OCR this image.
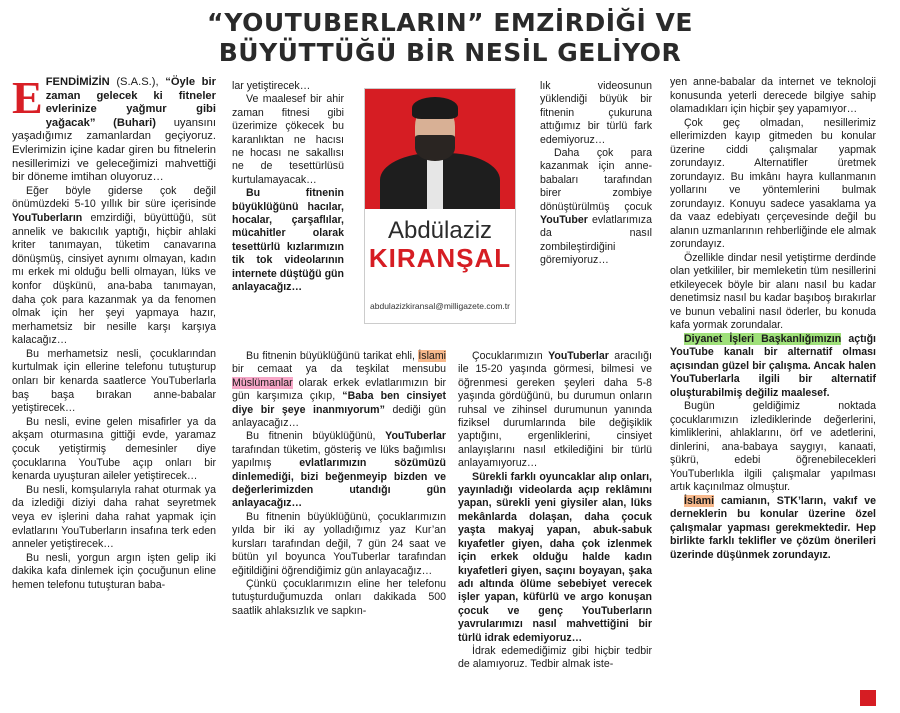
“YOUTUBERLARIN” EMZİRDİĞİ VE
BÜYÜTTÜĞÜ BİR NESİL GELİYOR

EFENDİMİZİN (S.A.S.), “Öyle bir zaman gelecek ki fitneler evlerinize yağmur gibi yağacak” (Buhari) uyansını yaşadığımız zamanlardan geçiyoruz. Evlerimizin içine kadar giren bu fitnelerin nesillerimizi ve geleceğimizi mahvettiği bir döneme imtihan oluyoruz…

Eğer böyle giderse çok değil önümüzdeki 5-10 yıllık bir süre içerisinde YouTuberların emzirdiği, büyüttüğü, süt annelik ve bakıcılık yaptığı, hiçbir ahlaki kriter tanımayan, tüketim canavarına dönüşmüş, cinsiyet aynımı olmayan, kadın mı erkek mi olduğu belli olmayan, lüks ve konfor düşkünü, ana-baba tanımayan, daha çok para kazanmak ya da fenomen olmak için her şeyi yapmaya hazır, merhametsiz bir nesille karşı karşıya kalacağız…

Bu merhametsiz nesli, çocuklarından kurtulmak için ellerine telefonu tutuşturup onları bir kenarda saatlerce YouTuberlarla baş başa bırakan anne-babalar yetiştirecek…

Bu nesli, evine gelen misafirler ya da akşam oturmasına gittiği evde, yaramaz çocuk yetiştirmiş demesinler diye çocuklarına YouTube açıp onları bir kenarda uyuşturan aileler yetiştirecek…

Bu nesli, komşularıyla rahat oturmak ya da izlediği diziyi daha rahat seyretmek veya ev işlerini daha rahat yapmak için evlatlarını YouTuberların insafına terk eden anneler yetiştirecek…

Bu nesli, yorgun argın işten gelip iki dakika kafa dinlemek için çocuğunun eline hemen telefonu tutuşturan baba-

lar yetiştirecek…

Ve maalesef bir ahir zaman fitnesi gibi üzerimize çökecek bu karanlıktan ne hacısı ne hocası ne sakallısı ne de tesettürlüsü kurtulamayacak…

Bu fitnenin büyüklüğünü hacılar, hocalar, çarşaflılar, mücahitler olarak tesettürlü kızlarımızın tik tok videolarının internete düştüğü gün anlayacağız…

Bu fitnenin büyüklüğünü tarikat ehli, İslami bir cemaat ya da teşkilat mensubu Müslümanlar olarak erkek evlatlarımızın bir gün karşımıza çıkıp, “Baba ben cinsiyet diye bir şeye inanmıyorum” dediği gün anlayacağız…

Bu fitnenin büyüklüğünü, YouTuberlar tarafından tüketim, gösteriş ve lüks bağımlısı yapılmış evlatlarımızın sözümüzü dinlemediği, bizi beğenmeyip bizden ve değerlerimizden utandığı gün anlayacağız…

Bu fitnenin büyüklüğünü, çocuklarımızın yılda bir iki ay yolladığımız yaz Kur’an kursları tarafından değil, 7 gün 24 saat ve bütün yıl boyunca YouTuberlar tarafından eğitildiğini öğrendiğimiz gün anlayacağız…

Çünkü çocuklarımızın eline her telefonu tutuşturduğumuzda onları dakikada 500 saatlik ahlaksızlık ve sapkın-

Abdülaziz
KIRANŞAL
abdulazizkiransal@milligazete.com.tr

lık videosunun yüklendiği büyük bir fitnenin çukuruna attığımız bir türlü fark edemiyoruz…

Daha çok para kazanmak için anne-babaları tarafından birer zombiye dönüştürülmüş çocuk YouTuber evlatlarımıza da nasıl zombileştirdiğini göremiyoruz…

Çocuklarımızın YouTuberlar aracılığı ile 15-20 yaşında görmesi, bilmesi ve öğrenmesi gereken şeyleri daha 5-8 yaşında gördüğünü, bu durumun onların ruhsal ve zihinsel durumunun yanında fiziksel durumlarında bile değişiklik yaptığını, ergenliklerini, cinsiyet anlayışlarını nasıl etkilediğini bir türlü anlayamıyoruz…

Sürekli farklı oyuncaklar alıp onları, yayınladığı videolarda açıp reklâmını yapan, sürekli yeni giysiler alan, lüks mekânlarda dolaşan, daha çocuk yaşta makyaj yapan, abuk-sabuk kıyafetler giyen, daha çok izlenmek için erkek olduğu halde kadın kıyafetleri giyen, saçını boyayan, şaka adı altında ölüme sebebiyet verecek işler yapan, küfürlü ve argo konuşan çocuk ve genç YouTuberların yavrularımızı nasıl mahvettiğini bir türlü idrak edemiyoruz…

İdrak edemediğimiz gibi hiçbir tedbir de alamıyoruz. Tedbir almak iste-

yen anne-babalar da internet ve teknoloji konusunda yeterli derecede bilgiye sahip olamadıkları için hiçbir şey yapamıyor…

Çok geç olmadan, nesillerimiz ellerimizden kayıp gitmeden bu konular üzerine ciddi çalışmalar yapmak zorundayız. Alternatifler üretmek zorundayız. Bu imkânı hayra kullanmanın yollarını ve yöntemlerini bulmak zorundayız. Konuyu sadece yasaklama ya da vaaz edebiyatı çerçevesinde değil bu alanın uzmanlarının rehberliğinde ele almak zorundayız.

Özellikle dindar nesil yetiştirme derdinde olan yetkililer, bir memleketin tüm nesillerini etkileyecek böyle bir alanı nasıl bu kadar denetimsiz nasıl bu kadar başıboş bırakırlar ve bunun vebalini nasıl öderler, bu konuda kafa yormak zorundalar.

Diyanet İşleri Başkanlığımızın açtığı YouTube kanalı bir alternatif olması açısından güzel bir çalışma. Ancak halen YouTuberlarla ilgili bir alternatif oluşturabilmiş değiliz maalesef.

Bugün geldiğimiz noktada çocuklarımızın izlediklerinde değerlerini, kimliklerini, ahlaklarını, örf ve adetlerini, dinlerini, ana-babaya saygıyı, kanaati, şükrü, edebi öğrenebilecekleri YouTuberlıkla ilgili çalışmalar yapılması artık kaçınılmaz olmuştur.

İslami camianın, STK’ların, vakıf ve derneklerin bu konular üzerine özel çalışmalar yapması gerekmektedir. Hep birlikte farklı teklifler ve çözüm önerileri üzerinde düşünmek zorundayız.
